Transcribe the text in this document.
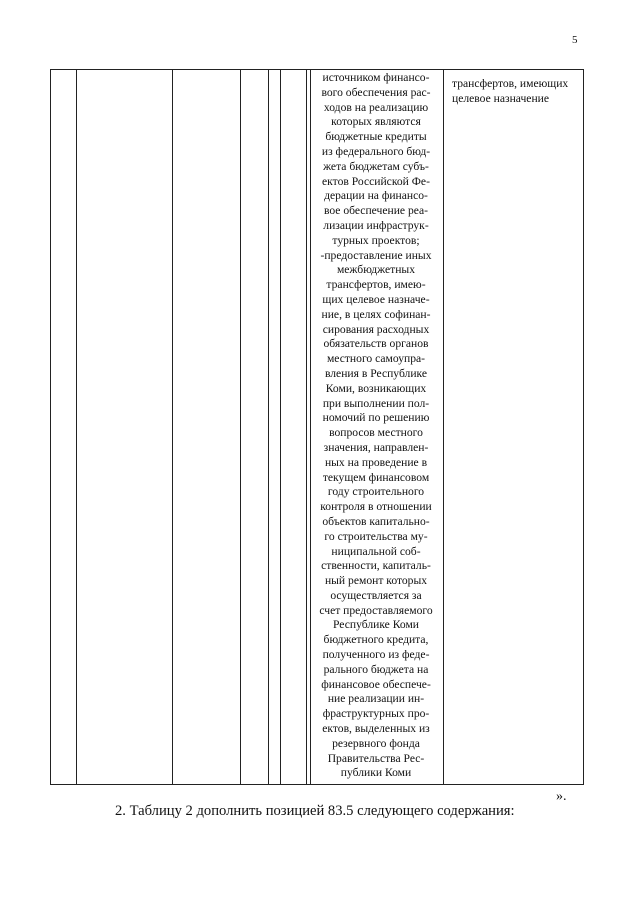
5
источником финансо-
вого обеспечения рас-
ходов на реализацию
которых являются
бюджетные кредиты
из федерального бюд-
жета бюджетам субъ-
ектов Российской Фе-
дерации на финансо-
вое обеспечение реа-
лизации инфраструк-
турных проектов;
-предоставление иных
межбюджетных
трансфертов, имею-
щих целевое назначе-
ние, в целях софинан-
сирования расходных
обязательств органов
местного самоупра-
вления в Республике
Коми, возникающих
при выполнении пол-
номочий по решению
вопросов местного
значения, направлен-
ных на проведение в
текущем финансовом
году строительного
контроля в отношении
объектов капитально-
го строительства му-
ниципальной соб-
ственности, капиталь-
ный ремонт которых
осуществляется за
счет предоставляемого
Республике Коми
бюджетного кредита,
полученного из феде-
рального бюджета на
финансовое обеспече-
ние реализации ин-
фраструктурных про-
ектов, выделенных из
резервного фонда
Правительства Рес-
публики Коми
трансфертов, имеющих
целевое назначение
».
2. Таблицу 2 дополнить позицией 83.5 следующего содержания:
